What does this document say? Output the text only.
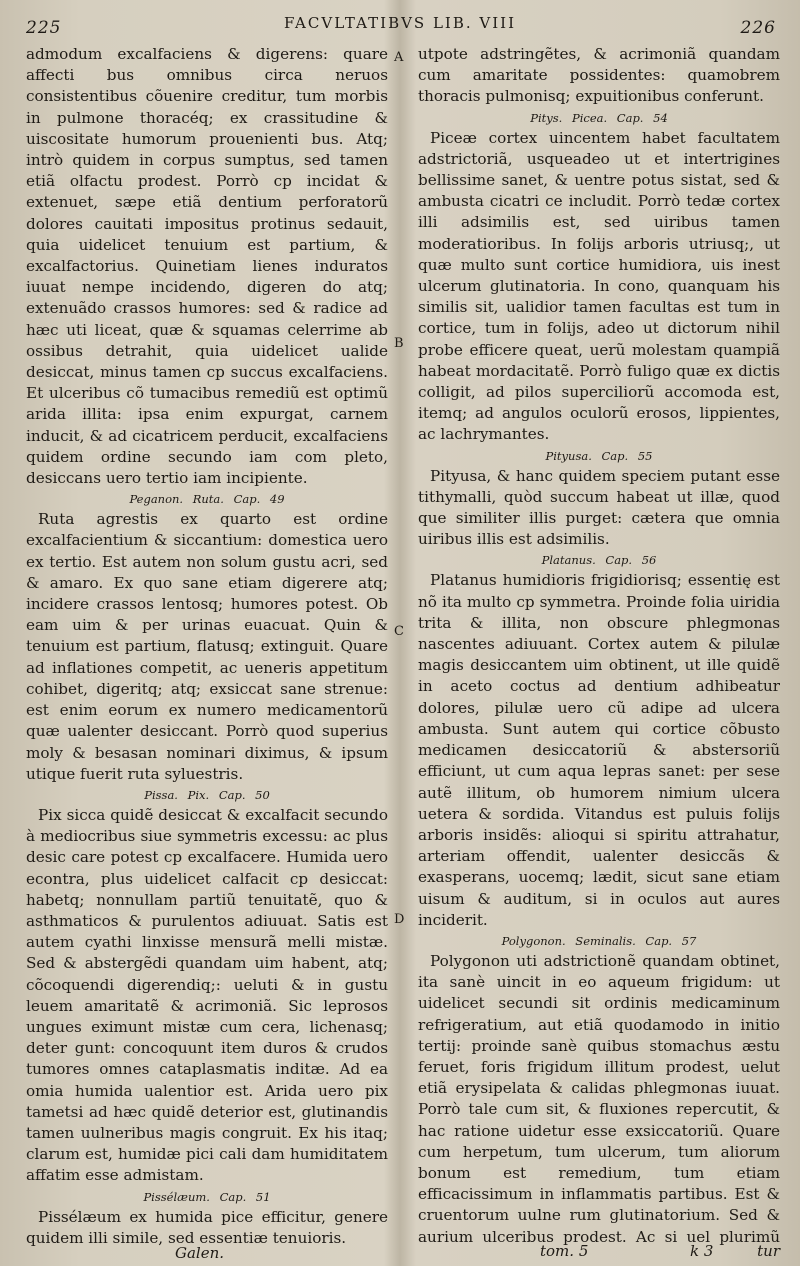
225	FACVLTATIBVS LIB. VIII	226
A
B
C
D
admodum excalfaciens & digerens: quare affecti bus omnibus circa neruos consistentibus cõuenire creditur, tum morbis in pulmone thoracéq; ex crassitudine & uiscositate humorum prouenienti bus. Atq; intrò quidem in corpus sumptus, sed tamen etiã olfactu prodest. Porrò cp incidat & extenuet, sæpe etiã dentium perforatorũ dolores cauitati impositus protinus sedauit, quia uidelicet tenuium est partium, & excalfactorius. Quinetiam lienes induratos iuuat nempe incidendo, digeren do atq; extenuãdo crassos humores: sed & radice ad hæc uti liceat, quæ & squamas celerrime ab ossibus detrahit, quia uidelicet ualide desiccat, minus tamen cp succus excalfaciens. Et ulceribus cõ tumacibus remediũ est optimũ arida illita: ipsa enim expurgat, carnem inducit, & ad cicatricem perducit, excalfaciens quidem ordine secundo iam com pleto, desiccans uero tertio iam incipiente.
Peganon. Ruta. Cap. 49
Ruta agrestis ex quarto est ordine excalfacientium & siccantium: domestica uero ex tertio. Est autem non solum gustu acri, sed & amaro. Ex quo sane etiam digerere atq; incidere crassos lentosq; humores potest. Ob eam uim & per urinas euacuat. Quin & tenuium est partium, flatusq; extinguit. Quare ad inflationes competit, ac ueneris appetitum cohibet, digeritq; atq; exsiccat sane strenue: est enim eorum ex numero medicamentorũ quæ ualenter desiccant. Porrò quod superius moly & besasan nominari diximus, & ipsum utique fuerit ruta syluestris.
Pissa. Pix. Cap. 50
Pix sicca quidẽ desiccat & excalfacit secundo à mediocribus siue symmetris excessu: ac plus desic care potest cp excalfacere. Humida uero econtra, plus uidelicet calfacit cp desiccat: habetq; nonnullam partiũ tenuitatẽ, quo & asthmaticos & purulentos adiuuat. Satis est autem cyathi linxisse mensurã melli mistæ. Sed & abstergẽdi quandam uim habent, atq; cõcoquendi digerendiq;: ueluti & in gustu leuem amaritatẽ & acrimoniã. Sic leprosos ungues eximunt mistæ cum cera, lichenasq; deter gunt: concoquunt item duros & crudos tumores omnes cataplasmatis inditæ. Ad ea omia humida ualentior est. Arida uero pix tametsi ad hæc quidẽ deterior est, glutinandis tamen uulneribus magis congruit. Ex his itaq; clarum est, humidæ pici cali dam humiditatem affatim esse admistam.
Pissélæum. Cap. 51
Pissélæum ex humida pice efficitur, genere quidem illi simile, sed essentiæ tenuioris.
utpote adstringẽtes, & acrimoniã quandam cum amaritate possidentes: quamobrem thoracis pulmonisq; expuitionibus conferunt.
Pitys. Picea. Cap. 54
Piceæ cortex uincentem habet facultatem adstrictoriã, usqueadeo ut et intertrigines bellissime sanet, & uentre potus sistat, sed & ambusta cicatri ce includit. Porrò tedæ cortex illi adsimilis est, sed uiribus tamen moderatioribus. In folijs arboris utriusq;, ut quæ multo sunt cortice humidiora, uis inest ulcerum glutinatoria. In cono, quanquam his similis sit, ualidior tamen facultas est tum in cortice, tum in folijs, adeo ut dictorum nihil probe efficere queat, uerũ molestam quampiã habeat mordacitatẽ. Porrò fuligo quæ ex dictis colligit, ad pilos superciliorũ accomoda est, itemq; ad angulos oculorũ erosos, lippientes, ac lachrymantes.
Pityusa. Cap. 55
Pityusa, & hanc quidem speciem putant esse tithymalli, quòd succum habeat ut illæ, quod que similiter illis purget: cætera que omnia uiribus illis est adsimilis.
Platanus. Cap. 56
Platanus humidioris frigidiorisq; essentię est nõ ita multo cp symmetra. Proinde folia uiridia trita & illita, non obscure phlegmonas nascentes adiuuant. Cortex autem & pilulæ magis desiccantem uim obtinent, ut ille quidẽ in aceto coctus ad dentium adhibeatur dolores, pilulæ uero cũ adipe ad ulcera ambusta. Sunt autem qui cortice cõbusto medicamen desiccatoriũ & abstersoriũ efficiunt, ut cum aqua lepras sanet: per sese autẽ illitum, ob humorem nimium ulcera uetera & sordida. Vitandus est puluis folijs arboris insidẽs: alioqui si spiritu attrahatur, arteriam offendit, ualenter desiccãs & exasperans, uocemq; lædit, sicut sane etiam uisum & auditum, si in oculos aut aures inciderit.
Polygonon. Seminalis. Cap. 57
Polygonon uti adstrictionẽ quandam obtinet, ita sanè uincit in eo aqueum frigidum: ut uidelicet secundi sit ordinis medicaminum refrigeratium, aut etiã quodamodo in initio tertij: proinde sanè quibus stomachus æstu feruet, foris frigidum illitum prodest, uelut etiã erysipelata & calidas phlegmonas iuuat. Porrò tale cum sit, & fluxiones repercutit, & hac ratione uidetur esse exsiccatoriũ. Quare cum herpetum, tum ulcerum, tum aliorum bonum est remedium, tum etiam efficacissimum in inflammatis partibus. Est & cruentorum uulne rum glutinatorium. Sed & aurium ulceribus prodest. Ac si uel plurimũ
Galen.	tom. 5	k 3	tur
